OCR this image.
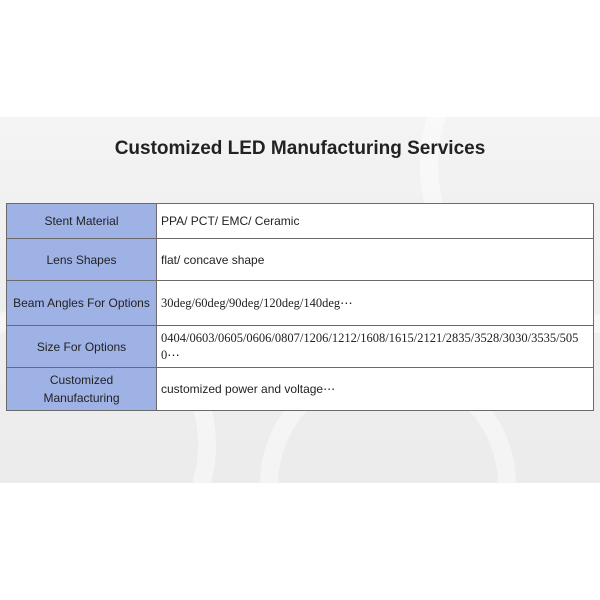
Customized LED Manufacturing Services
Stent Material	PPA/ PCT/ EMC/ Ceramic
Lens Shapes	flat/ concave shape
Beam Angles For Options	30deg/60deg/90deg/120deg/140deg⋯
Size For Options	0404/0603/0605/0606/0807/1206/1212/1608/1615/2121/2835/3528/3030/3535/5050⋯
Customized Manufacturing	customized power and voltage⋯
